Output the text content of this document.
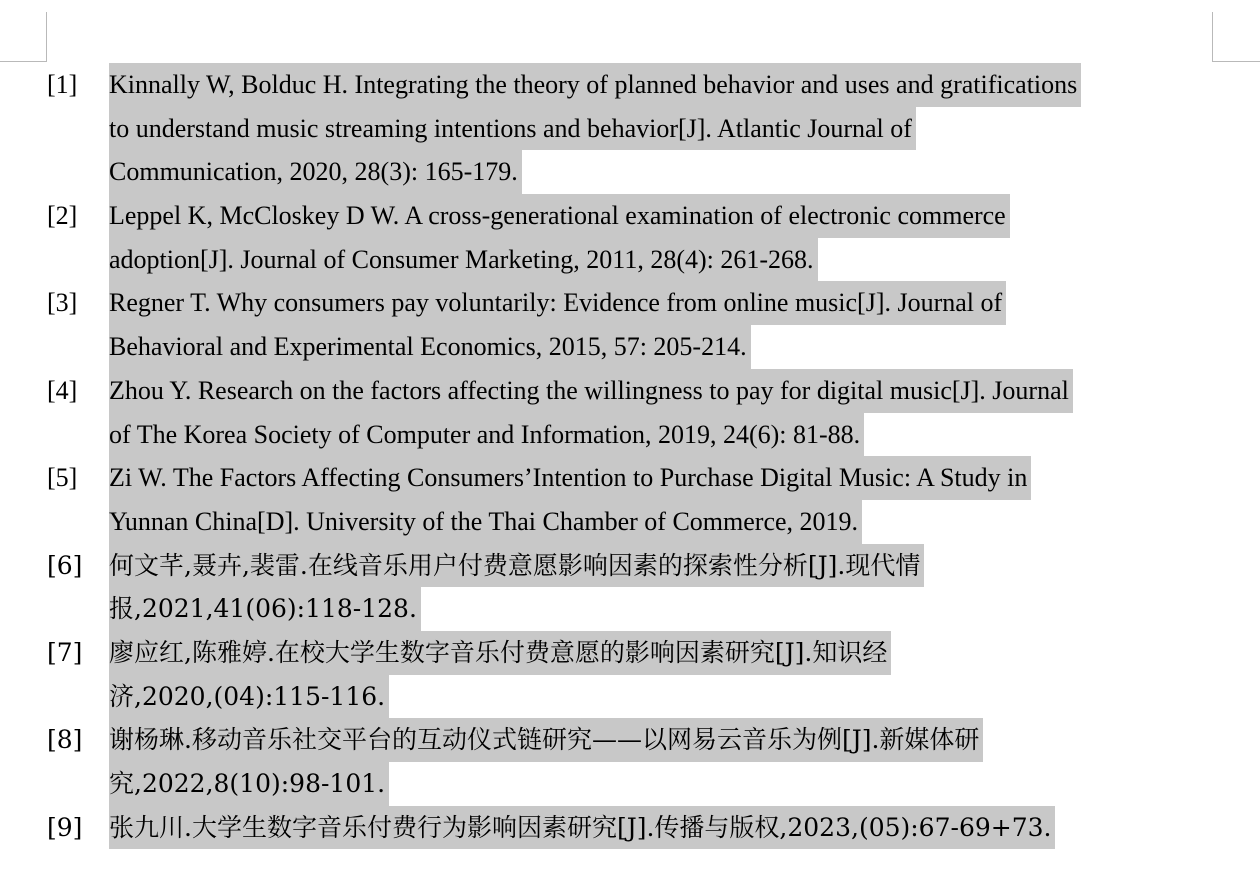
[1]	Kinnally W, Bolduc H. Integrating the theory of planned behavior and uses and gratifications
to understand music streaming intentions and behavior[J]. Atlantic Journal of
Communication, 2020, 28(3): 165-179.
[2]	Leppel K, McCloskey D W. A cross‐generational examination of electronic commerce
adoption[J]. Journal of Consumer Marketing, 2011, 28(4): 261-268.
[3]	Regner T. Why consumers pay voluntarily: Evidence from online music[J]. Journal of
Behavioral and Experimental Economics, 2015, 57: 205-214.
[4]	Zhou Y. Research on the factors affecting the willingness to pay for digital music[J]. Journal
of The Korea Society of Computer and Information, 2019, 24(6): 81-88.
[5]	Zi W. The Factors Affecting Consumers’Intention to Purchase Digital Music: A Study in
Yunnan China[D]. University of the Thai Chamber of Commerce, 2019.
[6]	何文芊,聂卉,裴雷.在线音乐用户付费意愿影响因素的探索性分析[J].现代情
报,2021,41(06):118-128.
[7]	廖应红,陈雅婷.在校大学生数字音乐付费意愿的影响因素研究[J].知识经
济,2020,(04):115-116.
[8]	谢杨琳.移动音乐社交平台的互动仪式链研究——以网易云音乐为例[J].新媒体研
究,2022,8(10):98-101.
[9]	张九川.大学生数字音乐付费行为影响因素研究[J].传播与版权,2023,(05):67-69+73.
